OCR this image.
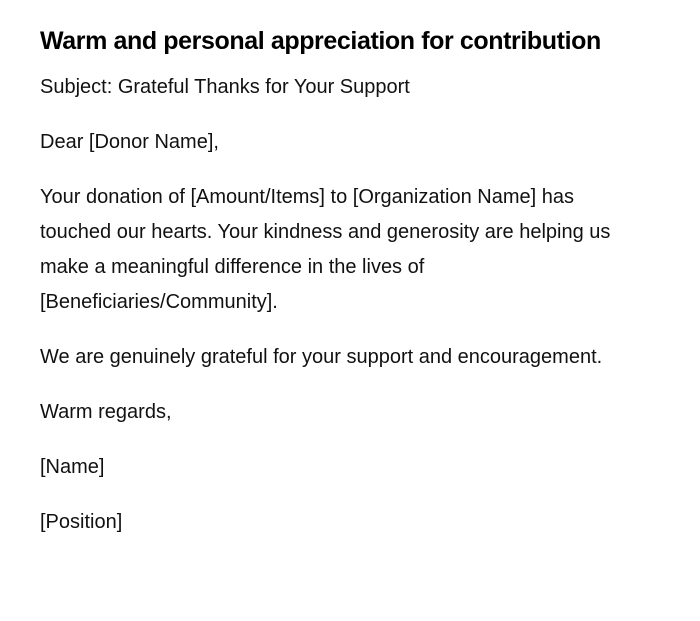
Warm and personal appreciation for contribution

Subject: Grateful Thanks for Your Support

Dear [Donor Name],

Your donation of [Amount/Items] to [Organization Name] has touched our hearts. Your kindness and generosity are helping us make a meaningful difference in the lives of [Beneficiaries/Community].

We are genuinely grateful for your support and encouragement.

Warm regards,

[Name]

[Position]
